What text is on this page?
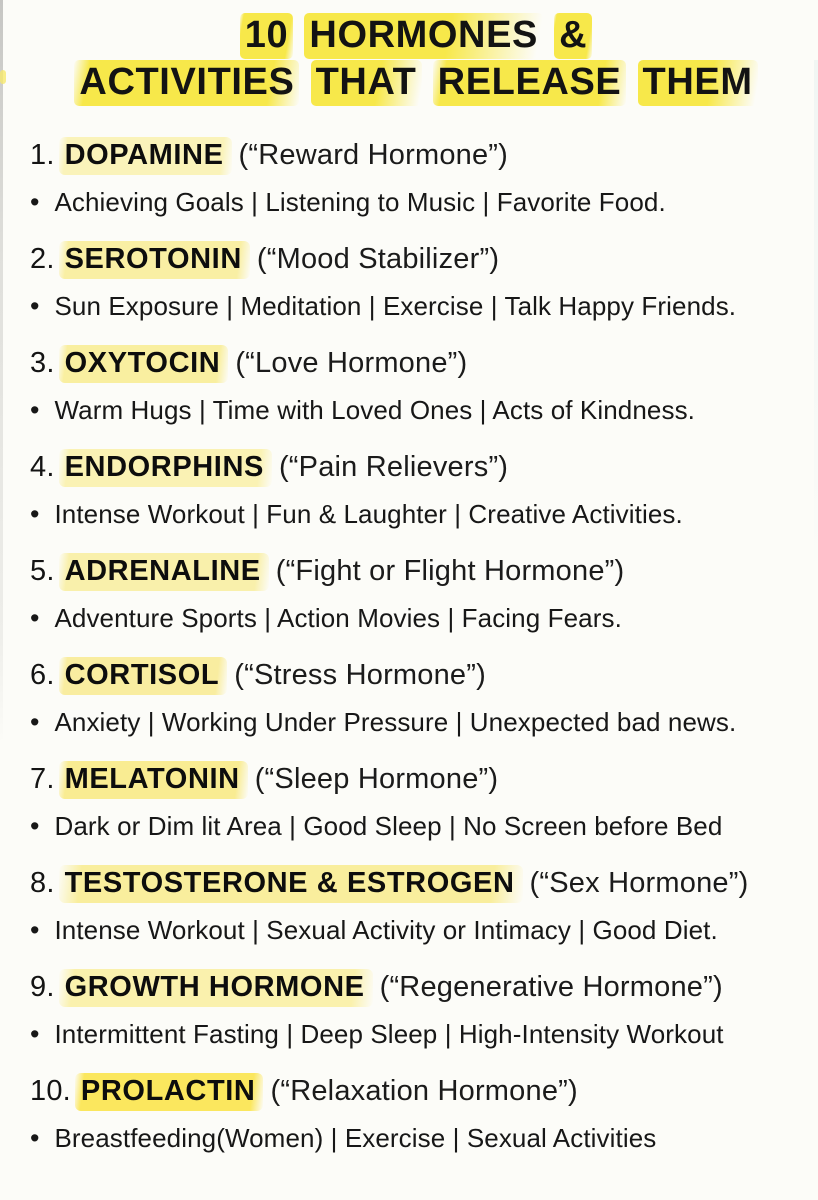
10 HORMONES &
ACTIVITIES THAT RELEASE THEM
1. DOPAMINE (“Reward Hormone”)
• Achieving Goals | Listening to Music | Favorite Food.
2. SEROTONIN (“Mood Stabilizer”)
• Sun Exposure | Meditation | Exercise | Talk Happy Friends.
3. OXYTOCIN (“Love Hormone”)
• Warm Hugs | Time with Loved Ones | Acts of Kindness.
4. ENDORPHINS (“Pain Relievers”)
• Intense Workout | Fun & Laughter | Creative Activities.
5. ADRENALINE (“Fight or Flight Hormone”)
• Adventure Sports | Action Movies | Facing Fears.
6. CORTISOL (“Stress Hormone”)
• Anxiety | Working Under Pressure | Unexpected bad news.
7. MELATONIN (“Sleep Hormone”)
• Dark or Dim lit Area | Good Sleep | No Screen before Bed
8. TESTOSTERONE & ESTROGEN (“Sex Hormone”)
• Intense Workout | Sexual Activity or Intimacy | Good Diet.
9. GROWTH HORMONE (“Regenerative Hormone”)
• Intermittent Fasting | Deep Sleep | High-Intensity Workout
10. PROLACTIN (“Relaxation Hormone”)
• Breastfeeding(Women) | Exercise | Sexual Activities
